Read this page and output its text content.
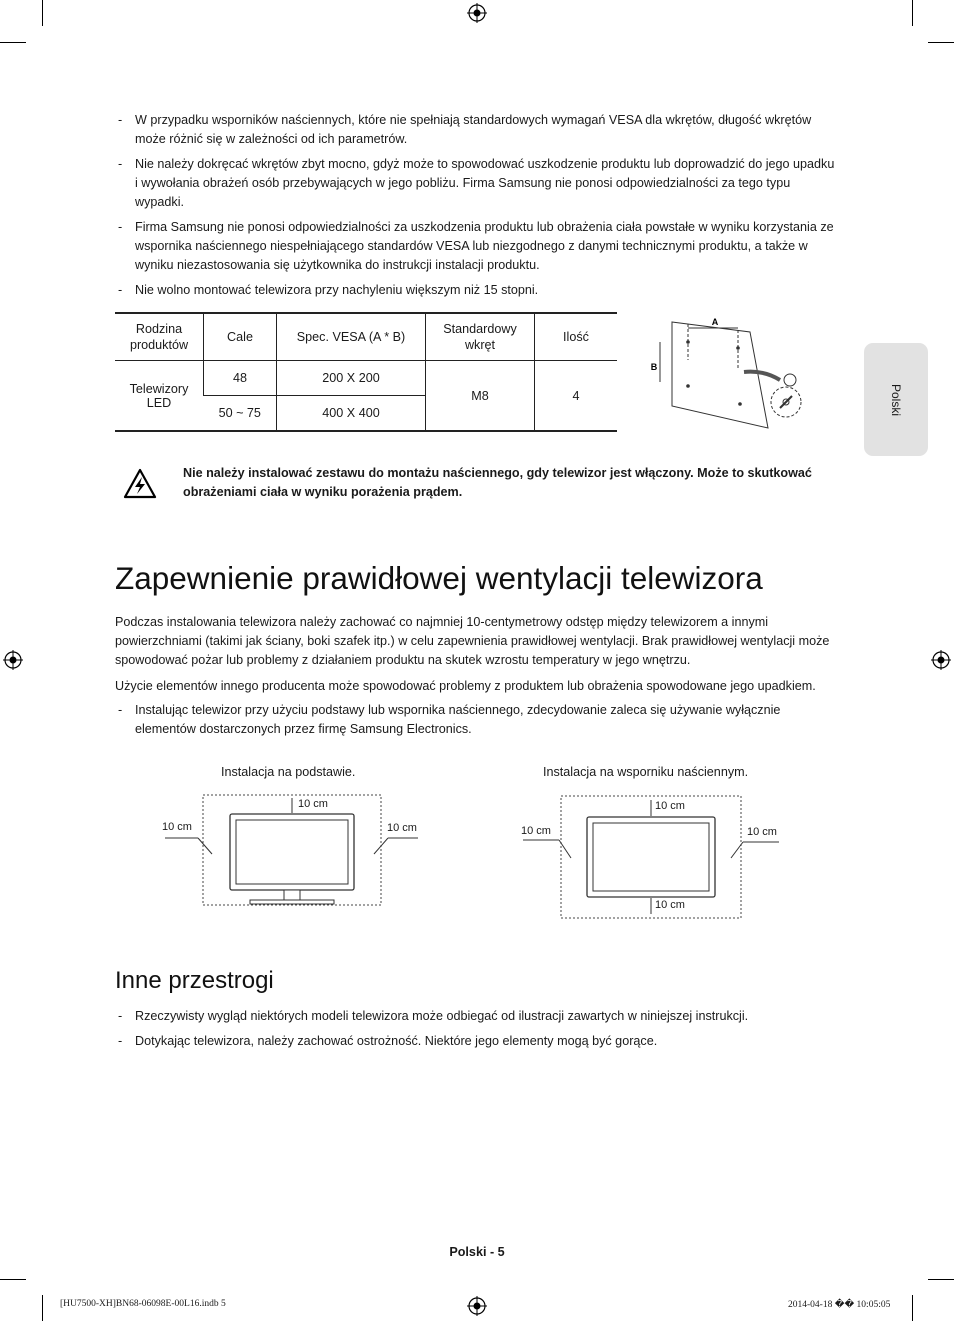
Polski
- W przypadku wsporników naściennych, które nie spełniają standardowych wymagań VESA dla wkrętów, długość wkrętów może różnić się w zależności od ich parametrów.
- Nie należy dokręcać wkrętów zbyt mocno, gdyż może to spowodować uszkodzenie produktu lub doprowadzić do jego upadku i wywołania obrażeń osób przebywających w jego pobliżu. Firma Samsung nie ponosi odpowiedzialności za tego typu wypadki.
- Firma Samsung nie ponosi odpowiedzialności za uszkodzenia produktu lub obrażenia ciała powstałe w wyniku korzystania ze wspornika naściennego niespełniającego standardów VESA lub niezgodnego z danymi technicznymi produktu, a także w wyniku niezastosowania się użytkownika do instrukcji instalacji produktu.
- Nie wolno montować telewizora przy nachyleniu większym niż 15 stopni.
Rodzina produktów	Cale	Spec. VESA (A * B)	Standardowy wkręt	Ilość
Telewizory LED	48	200 X 200	M8	4
	50 ~ 75	400 X 400		
A
B
Nie należy instalować zestawu do montażu naściennego, gdy telewizor jest włączony. Może to skutkować obrażeniami ciała w wyniku porażenia prądem.
Zapewnienie prawidłowej wentylacji telewizora
Podczas instalowania telewizora należy zachować co najmniej 10-centymetrowy odstęp między telewizorem a innymi powierzchniami (takimi jak ściany, boki szafek itp.) w celu zapewnienia prawidłowej wentylacji. Brak prawidłowej wentylacji może spowodować pożar lub problemy z działaniem produktu na skutek wzrostu temperatury w jego wnętrzu.
Użycie elementów innego producenta może spowodować problemy z produktem lub obrażenia spowodowane jego upadkiem.
- Instalując telewizor przy użyciu podstawy lub wspornika naściennego, zdecydowanie zaleca się używanie wyłącznie elementów dostarczonych przez firmę Samsung Electronics.
Instalacja na podstawie.
10 cm
10 cm	10 cm
Instalacja na wsporniku naściennym.
10 cm
10 cm	10 cm
10 cm
Inne przestrogi
- Rzeczywisty wygląd niektórych modeli telewizora może odbiegać od ilustracji zawartych w niniejszej instrukcji.
- Dotykając telewizora, należy zachować ostrożność. Niektóre jego elementy mogą być gorące.
Polski - 5
[HU7500-XH]BN68-06098E-00L16.indb 5	2014-04-18 �� 10:05:05
